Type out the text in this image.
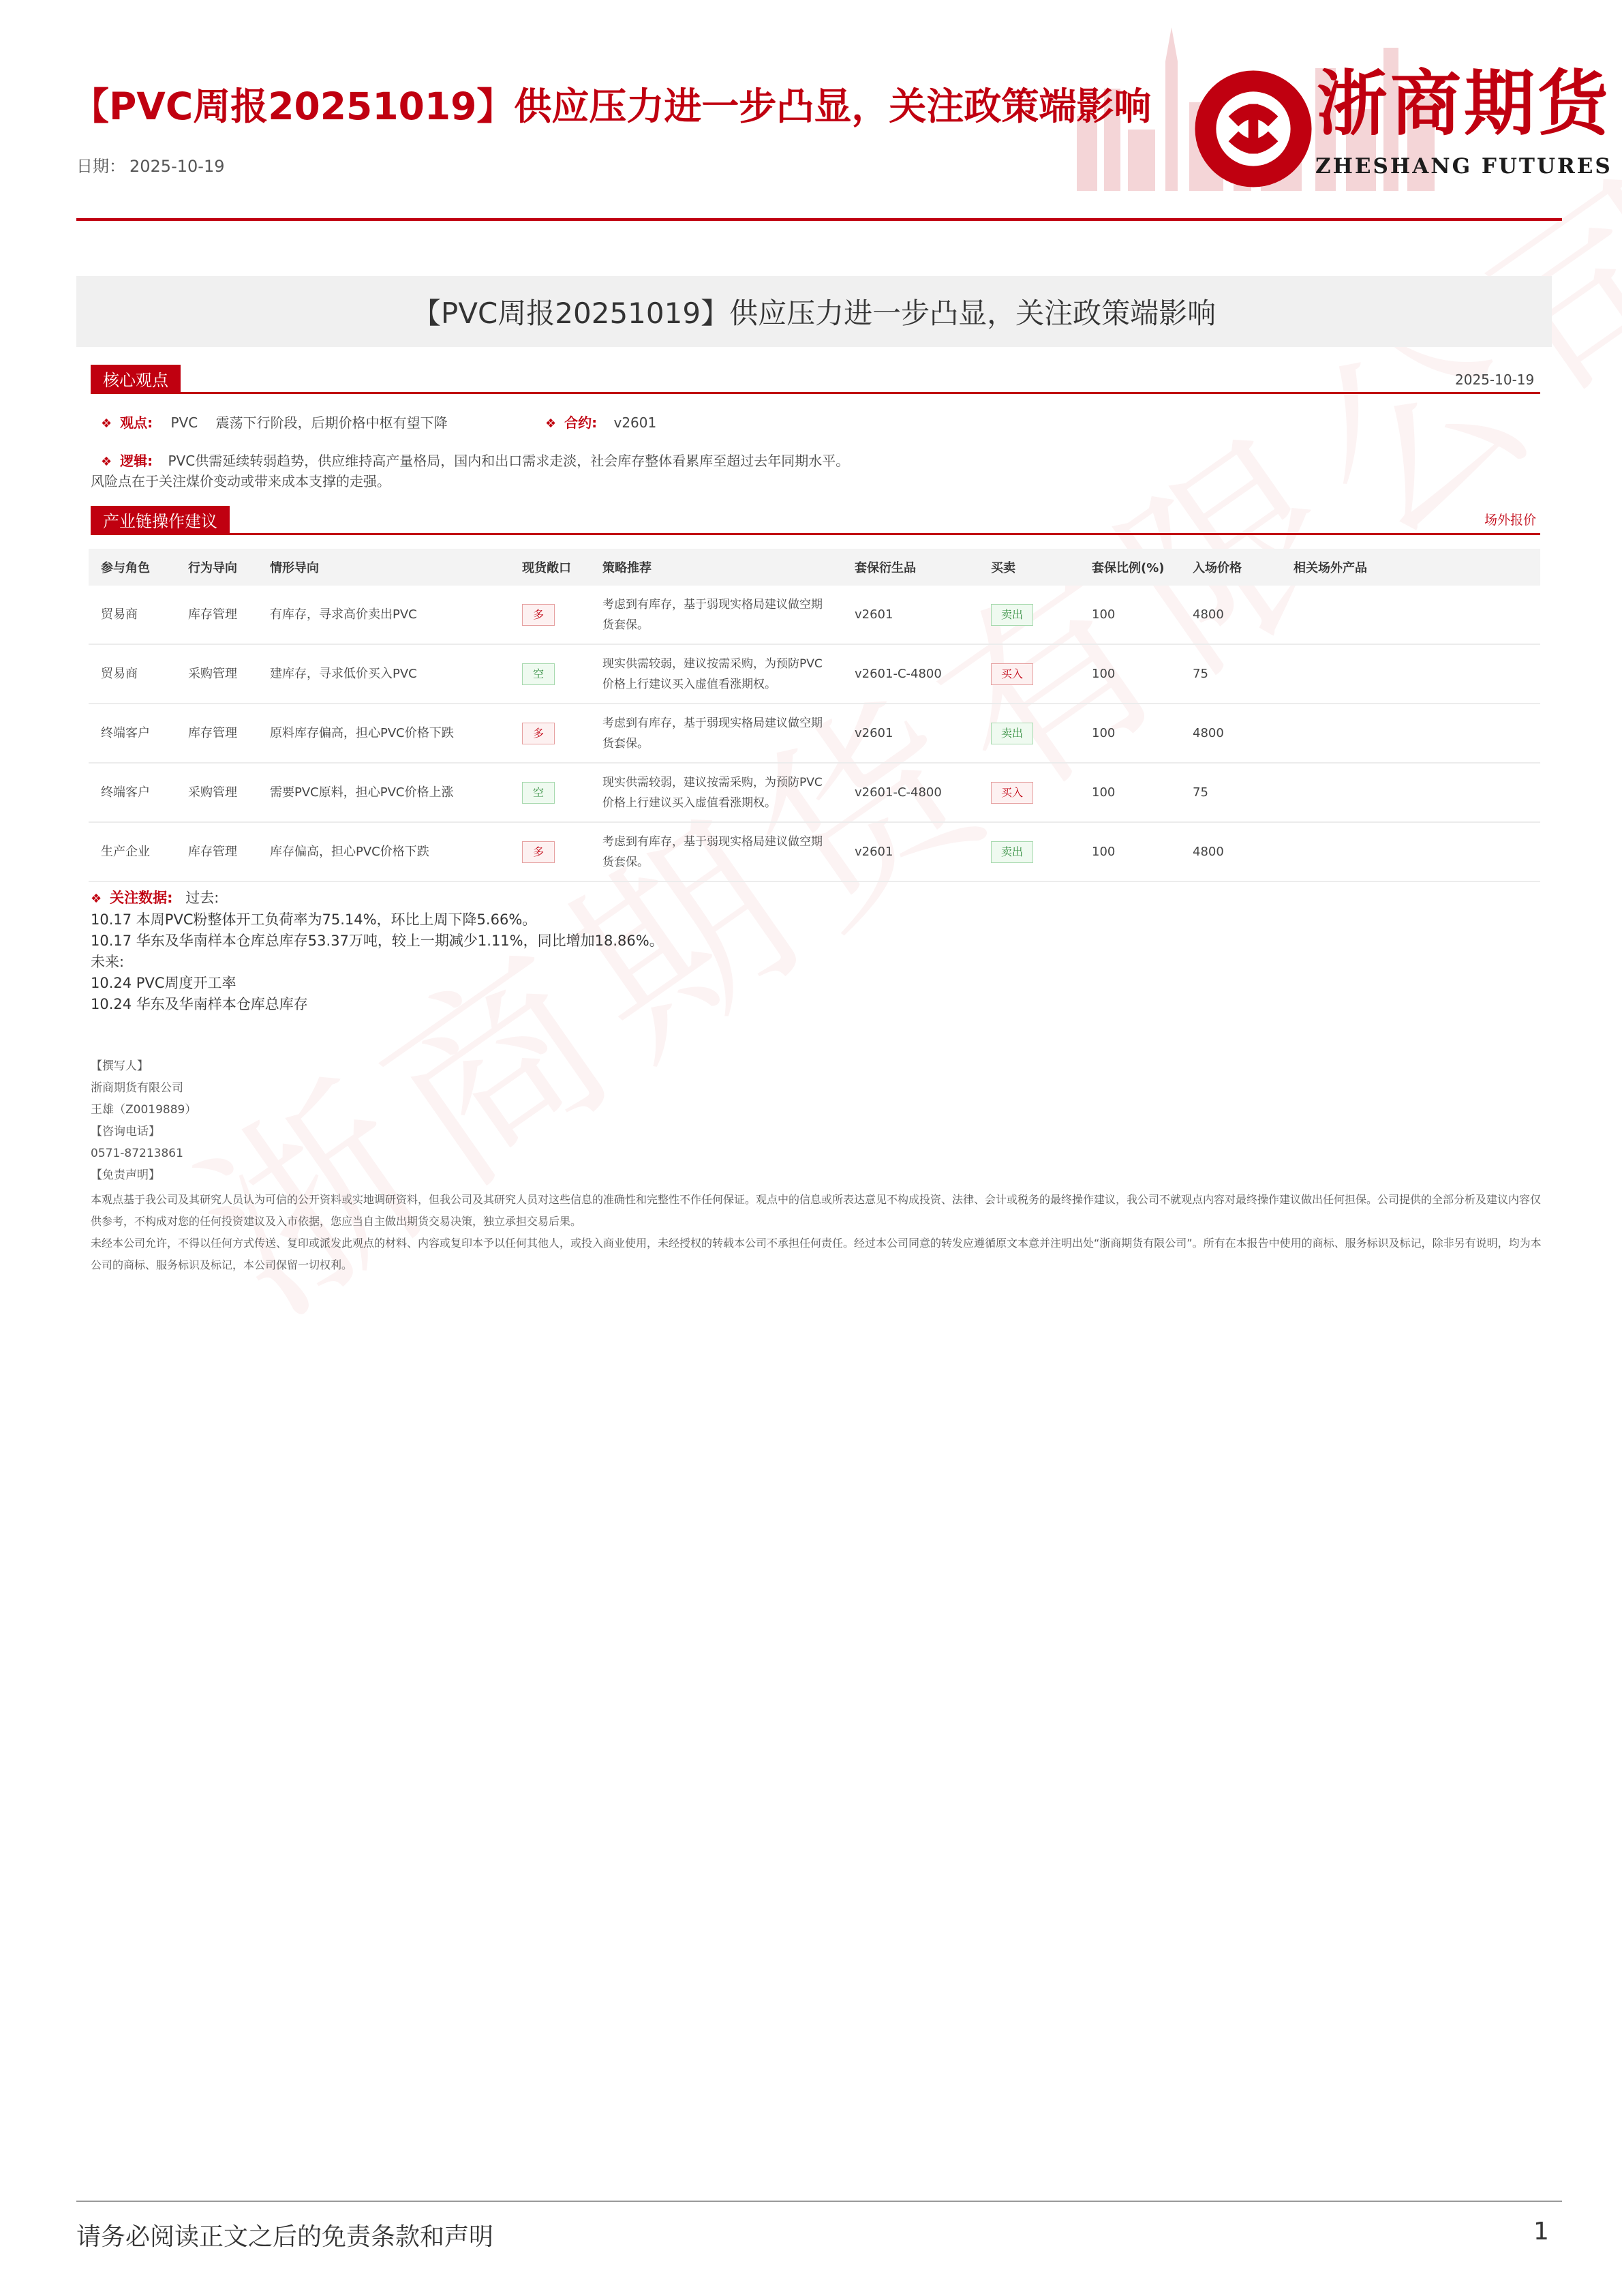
【PVC周报20251019】供应压力进一步凸显，关注政策端影响
日期： 2025-10-19
浙商期货
ZHESHANG FUTURES
【PVC周报20251019】供应压力进一步凸显，关注政策端影响
核心观点	2025-10-19
❖ 观点: PVC 震荡下行阶段，后期价格中枢有望下降	❖ 合约: v2601
❖ 逻辑: PVC供需延续转弱趋势，供应维持高产量格局，国内和出口需求走淡，社会库存整体看累库至超过去年同期水平。
风险点在于关注煤价变动或带来成本支撑的走强。
产业链操作建议	场外报价
参与角色	行为导向	情形导向	现货敞口	策略推荐	套保衍生品	买卖	套保比例(%)	入场价格	相关场外产品
贸易商	库存管理	有库存，寻求高价卖出PVC	多	考虑到有库存，基于弱现实格局建议做空期货套保。	v2601	卖出	100	4800	
贸易商	采购管理	建库存，寻求低价买入PVC	空	现实供需较弱，建议按需采购，为预防PVC价格上行建议买入虚值看涨期权。	v2601-C-4800	买入	100	75	
终端客户	库存管理	原料库存偏高，担心PVC价格下跌	多	考虑到有库存，基于弱现实格局建议做空期货套保。	v2601	卖出	100	4800	
终端客户	采购管理	需要PVC原料，担心PVC价格上涨	空	现实供需较弱，建议按需采购，为预防PVC价格上行建议买入虚值看涨期权。	v2601-C-4800	买入	100	75	
生产企业	库存管理	库存偏高，担心PVC价格下跌	多	考虑到有库存，基于弱现实格局建议做空期货套保。	v2601	卖出	100	4800	
❖ 关注数据: 过去:
10.17 本周PVC粉整体开工负荷率为75.14%，环比上周下降5.66%。
10.17 华东及华南样本仓库总库存53.37万吨，较上一期减少1.11%，同比增加18.86%。
未来:
10.24 PVC周度开工率
10.24 华东及华南样本仓库总库存
【撰写人】
浙商期货有限公司
王雄（Z0019889）
【咨询电话】
0571-87213861
【免责声明】
本观点基于我公司及其研究人员认为可信的公开资料或实地调研资料，但我公司及其研究人员对这些信息的准确性和完整性不作任何保证。观点中的信息或所表达意见不构成投资、法律、会计或税务的最终操作建议，我公司不就观点内容对最终操作建议做出任何担保。公司提供的全部分析及建议内容仅供参考，不构成对您的任何投资建议及入市依据，您应当自主做出期货交易决策，独立承担交易后果。
未经本公司允许，不得以任何方式传送、复印或派发此观点的材料、内容或复印本予以任何其他人，或投入商业使用，未经授权的转载本公司不承担任何责任。经过本公司同意的转发应遵循原文本意并注明出处“浙商期货有限公司”。所有在本报告中使用的商标、服务标识及标记，除非另有说明，均为本公司的商标、服务标识及标记，本公司保留一切权利。
请务必阅读正文之后的免责条款和声明	1
